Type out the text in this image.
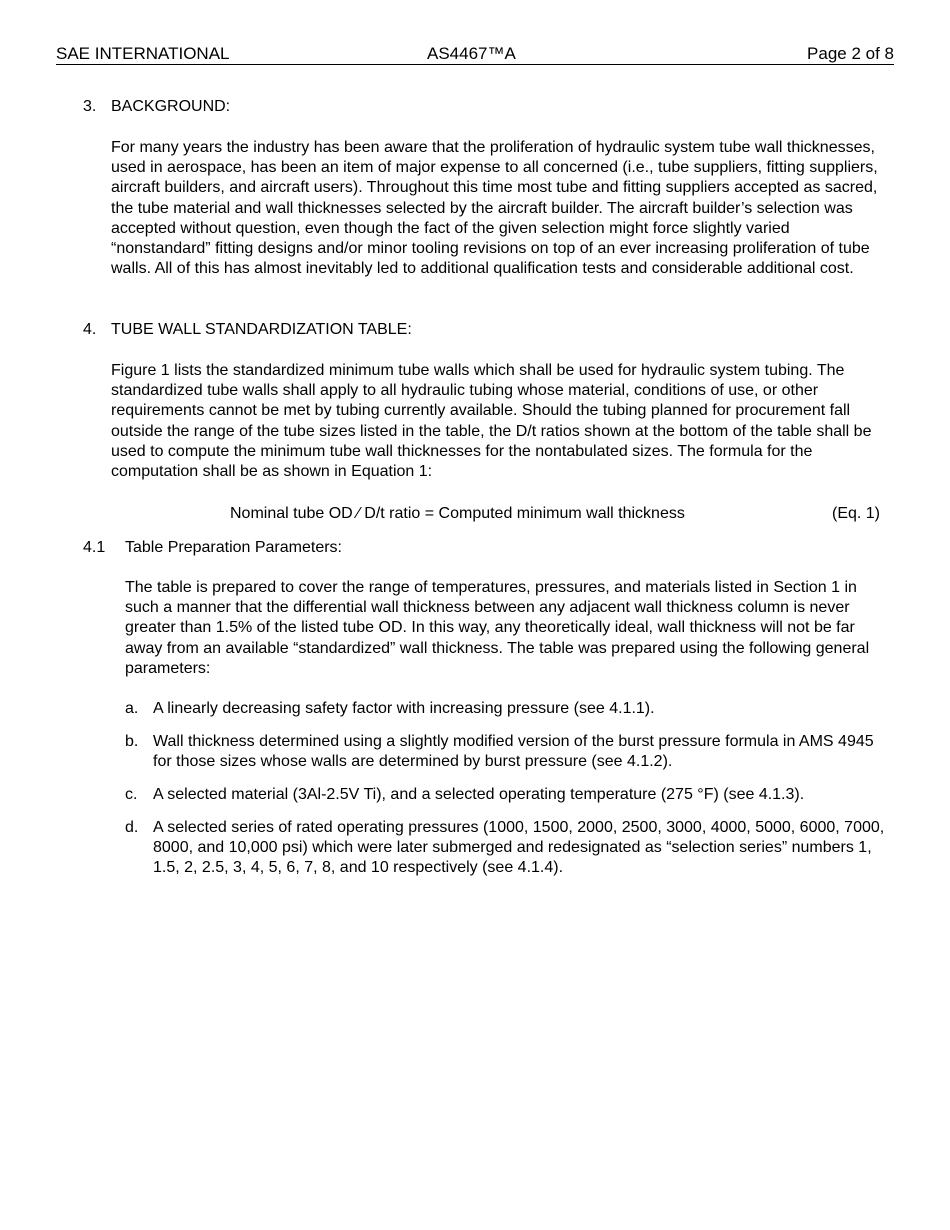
SAE INTERNATIONAL	AS4467™A	Page 2 of 8
3. BACKGROUND:

For many years the industry has been aware that the proliferation of hydraulic system tube wall thicknesses, used in aerospace, has been an item of major expense to all concerned (i.e., tube suppliers, fitting suppliers, aircraft builders, and aircraft users). Throughout this time most tube and fitting suppliers accepted as sacred, the tube material and wall thicknesses selected by the aircraft builder. The aircraft builder’s selection was accepted without question, even though the fact of the given selection might force slightly varied “nonstandard” fitting designs and/or minor tooling revisions on top of an ever increasing proliferation of tube walls. All of this has almost inevitably led to additional qualification tests and considerable additional cost.

4. TUBE WALL STANDARDIZATION TABLE:

Figure 1 lists the standardized minimum tube walls which shall be used for hydraulic system tubing. The standardized tube walls shall apply to all hydraulic tubing whose material, conditions of use, or other requirements cannot be met by tubing currently available. Should the tubing planned for procurement fall outside the range of the tube sizes listed in the table, the D/t ratios shown at the bottom of the table shall be used to compute the minimum tube wall thicknesses for the nontabulated sizes. The formula for the computation shall be as shown in Equation 1:

Nominal tube OD ⁄ D/t ratio = Computed minimum wall thickness	(Eq. 1)
4.1 Table Preparation Parameters:

The table is prepared to cover the range of temperatures, pressures, and materials listed in Section 1 in such a manner that the differential wall thickness between any adjacent wall thickness column is never greater than 1.5% of the listed tube OD. In this way, any theoretically ideal, wall thickness will not be far away from an available “standardized” wall thickness. The table was prepared using the following general parameters:

a. A linearly decreasing safety factor with increasing pressure (see 4.1.1).

b. Wall thickness determined using a slightly modified version of the burst pressure formula in AMS 4945 for those sizes whose walls are determined by burst pressure (see 4.1.2).

c. A selected material (3Al-2.5V Ti), and a selected operating temperature (275 °F) (see 4.1.3).

d. A selected series of rated operating pressures (1000, 1500, 2000, 2500, 3000, 4000, 5000, 6000, 7000, 8000, and 10,000 psi) which were later submerged and redesignated as “selection series” numbers 1, 1.5, 2, 2.5, 3, 4, 5, 6, 7, 8, and 10 respectively (see 4.1.4).
